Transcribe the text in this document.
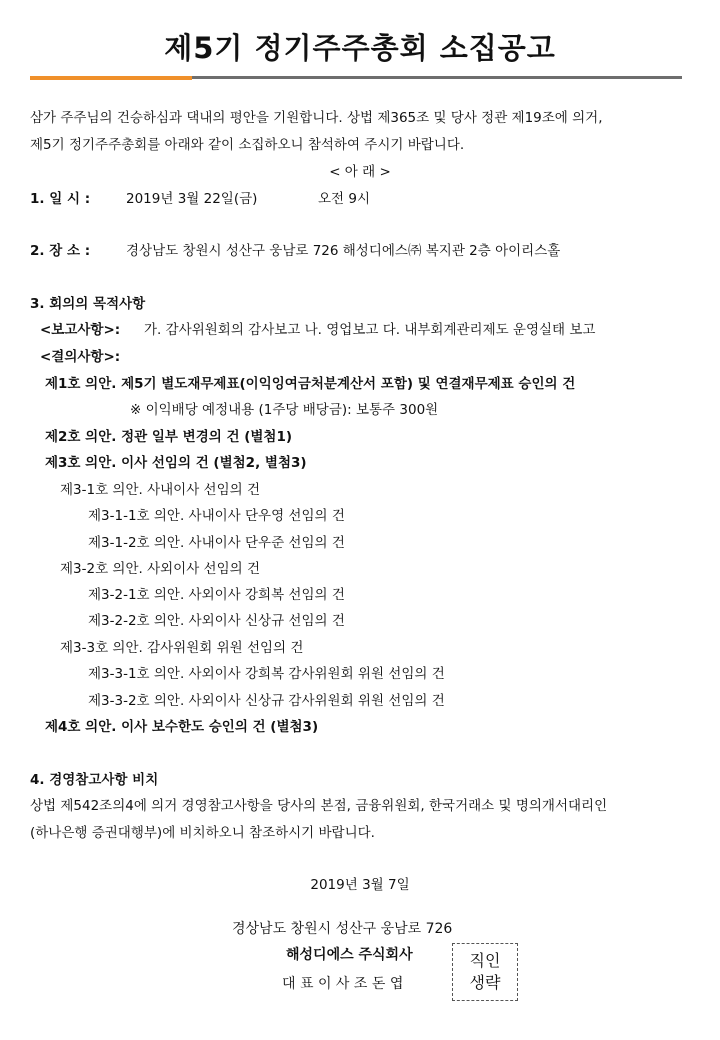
제5기 정기주주총회 소집공고
삼가 주주님의 건승하심과 댁내의 평안을 기원합니다. 상법 제365조 및 당사 정관 제19조에 의거,
제5기 정기주주총회를 아래와 같이 소집하오니 참석하여 주시기 바랍니다.
< 아 래 >
1. 일 시 :	2019년 3월 22일(금)	오전 9시
2. 장 소 :	경상남도 창원시 성산구 웅남로 726 해성디에스㈜ 복지관 2층 아이리스홀
3. 회의의 목적사항
<보고사항>: 가. 감사위원회의 감사보고 나. 영업보고 다. 내부회계관리제도 운영실태 보고
<결의사항>:
제1호 의안. 제5기 별도재무제표(이익잉여금처분계산서 포함) 및 연결재무제표 승인의 건
※ 이익배당 예정내용 (1주당 배당금): 보통주 300원
제2호 의안. 정관 일부 변경의 건 (별첨1)
제3호 의안. 이사 선임의 건 (별첨2, 별첨3)
제3-1호 의안. 사내이사 선임의 건
제3-1-1호 의안. 사내이사 단우영 선임의 건
제3-1-2호 의안. 사내이사 단우준 선임의 건
제3-2호 의안. 사외이사 선임의 건
제3-2-1호 의안. 사외이사 강희복 선임의 건
제3-2-2호 의안. 사외이사 신상규 선임의 건
제3-3호 의안. 감사위원회 위원 선임의 건
제3-3-1호 의안. 사외이사 강희복 감사위원회 위원 선임의 건
제3-3-2호 의안. 사외이사 신상규 감사위원회 위원 선임의 건
제4호 의안. 이사 보수한도 승인의 건 (별첨3)
4. 경영참고사항 비치
상법 제542조의4에 의거 경영참고사항을 당사의 본점, 금융위원회, 한국거래소 및 명의개서대리인
(하나은행 증권대행부)에 비치하오니 참조하시기 바랍니다.
2019년 3월 7일
경상남도 창원시 성산구 웅남로 726
해성디에스 주식회사
대 표 이 사 조 돈 엽
직인
생략
